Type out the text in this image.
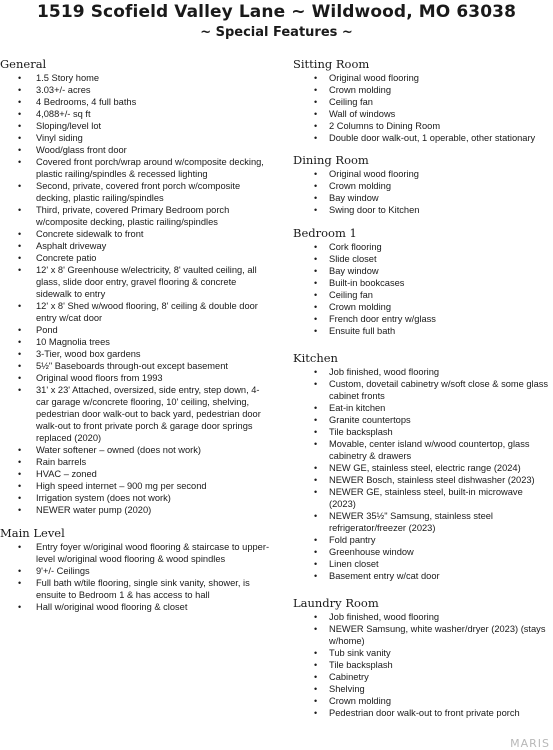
1519 Scofield Valley Lane ~ Wildwood, MO 63038
~ Special Features ~
General
• 1.5 Story home
• 3.03+/- acres
• 4 Bedrooms, 4 full baths
• 4,088+/- sq ft
• Sloping/level lot
• Vinyl siding
• Wood/glass front door
• Covered front porch/wrap around w/composite decking, plastic railing/spindles & recessed lighting
• Second, private, covered front porch w/composite decking, plastic railing/spindles
• Third, private, covered Primary Bedroom porch w/composite decking, plastic railing/spindles
• Concrete sidewalk to front
• Asphalt driveway
• Concrete patio
• 12' x 8' Greenhouse w/electricity, 8' vaulted ceiling, all glass, slide door entry, gravel flooring & concrete sidewalk to entry
• 12' x 8' Shed w/wood flooring, 8' ceiling & double door entry w/cat door
• Pond
• 10 Magnolia trees
• 3-Tier, wood box gardens
• 5½" Baseboards through-out except basement
• Original wood floors from 1993
• 31' x 23' Attached, oversized, side entry, step down, 4-car garage w/concrete flooring, 10' ceiling, shelving, pedestrian door walk-out to back yard, pedestrian door walk-out to front private porch & garage door springs replaced (2020)
• Water softener – owned (does not work)
• Rain barrels
• HVAC – zoned
• High speed internet – 900 mg per second
• Irrigation system (does not work)
• NEWER water pump (2020)
Main Level
• Entry foyer w/original wood flooring & staircase to upper-level w/original wood flooring & wood spindles
• 9'+/- Ceilings
• Full bath w/tile flooring, single sink vanity, shower, is ensuite to Bedroom 1 & has access to hall
• Hall w/original wood flooring & closet
Sitting Room
• Original wood flooring
• Crown molding
• Ceiling fan
• Wall of windows
• 2 Columns to Dining Room
• Double door walk-out, 1 operable, other stationary
Dining Room
• Original wood flooring
• Crown molding
• Bay window
• Swing door to Kitchen
Bedroom 1
• Cork flooring
• Slide closet
• Bay window
• Built-in bookcases
• Ceiling fan
• Crown molding
• French door entry w/glass
• Ensuite full bath
Kitchen
• Job finished, wood flooring
• Custom, dovetail cabinetry w/soft close & some glass cabinet fronts
• Eat-in kitchen
• Granite countertops
• Tile backsplash
• Movable, center island w/wood countertop, glass cabinetry & drawers
• NEW GE, stainless steel, electric range (2024)
• NEWER Bosch, stainless steel dishwasher (2023)
• NEWER GE, stainless steel, built-in microwave (2023)
• NEWER 35½" Samsung, stainless steel refrigerator/freezer (2023)
• Fold pantry
• Greenhouse window
• Linen closet
• Basement entry w/cat door
Laundry Room
• Job finished, wood flooring
• NEWER Samsung, white washer/dryer (2023) (stays w/home)
• Tub sink vanity
• Tile backsplash
• Cabinetry
• Shelving
• Crown molding
• Pedestrian door walk-out to front private porch
MARIS
